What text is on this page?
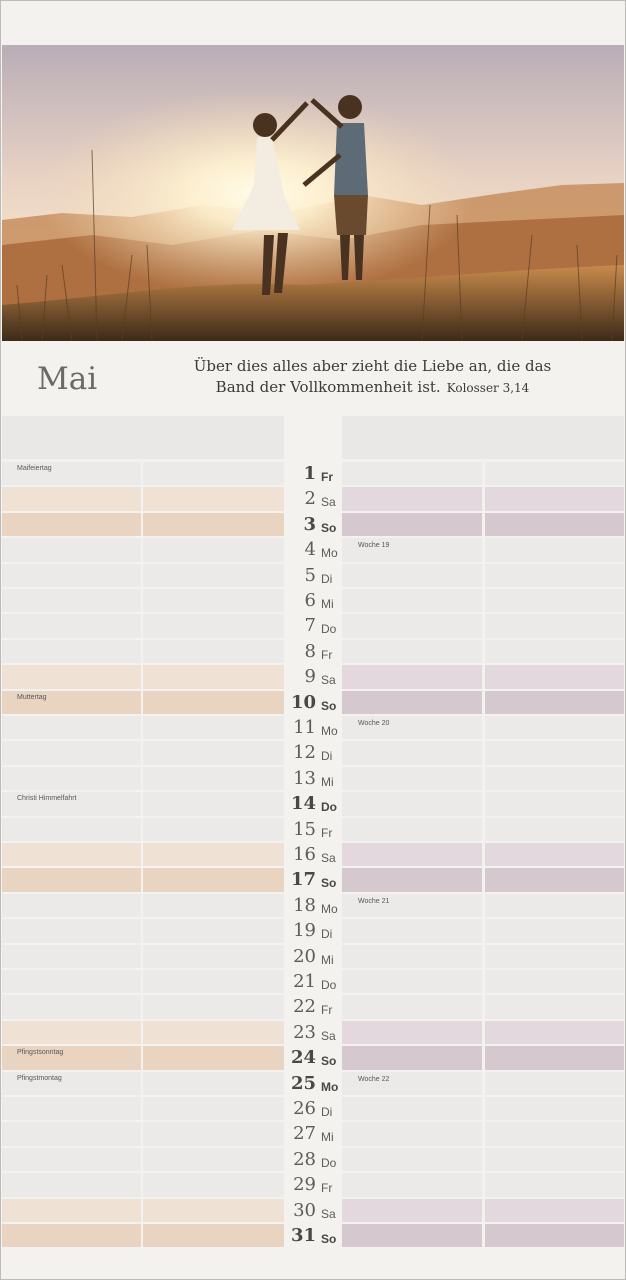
Mai	Über dies alles aber zieht die Liebe an, die das
Band der Vollkommenheit ist. Kolosser 3,14
1 Fr
Maifeiertag
2 Sa
3 So
4 Mo
Woche 19
5 Di
6 Mi
7 Do
8 Fr
9 Sa
10 So
Muttertag
11 Mo
Woche 20
12 Di
13 Mi
14 Do
Christi Himmelfahrt
15 Fr
16 Sa
17 So
18 Mo
Woche 21
19 Di
20 Mi
21 Do
22 Fr
23 Sa
24 So
Pfingstsonntag
25 Mo
Pfingstmontag	Woche 22
26 Di
27 Mi
28 Do
29 Fr
30 Sa
31 So
